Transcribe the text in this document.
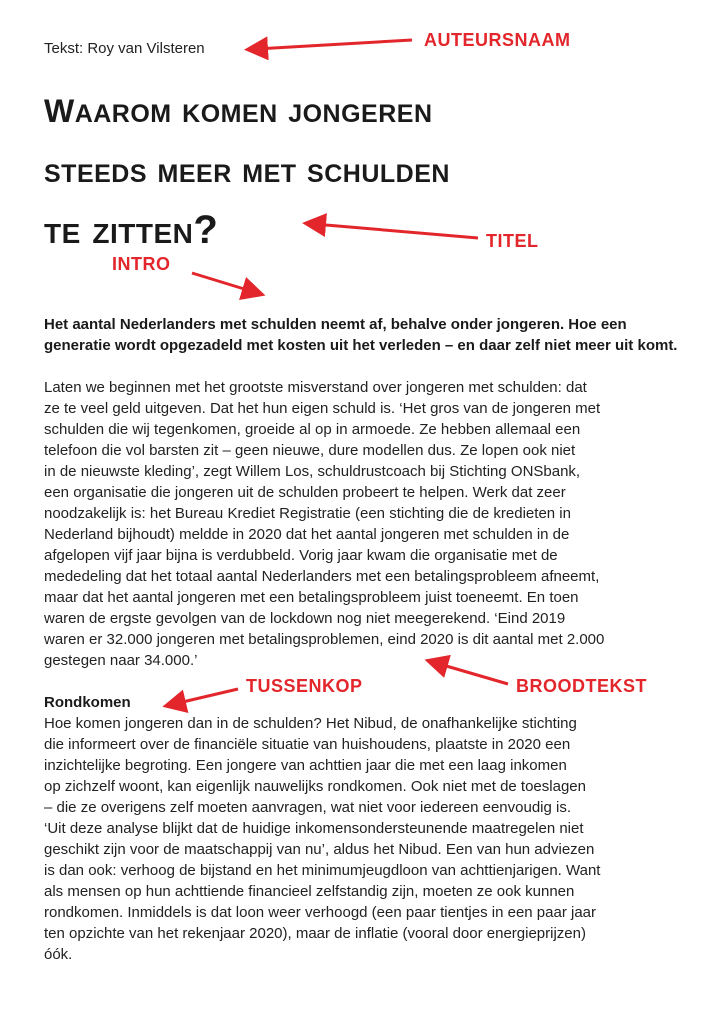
Tekst: Roy van Vilsteren
waarom komen jongeren
steeds meer met schulden
te zitten?

Het aantal Nederlanders met schulden neemt af, behalve onder jongeren. Hoe een generatie wordt opgezadeld met kosten uit het verleden – en daar zelf niet meer uit komt.

Laten we beginnen met het grootste misverstand over jongeren met schulden: dat
ze te veel geld uitgeven. Dat het hun eigen schuld is. ‘Het gros van de jongeren met
schulden die wij tegenkomen, groeide al op in armoede. Ze hebben allemaal een
telefoon die vol barsten zit – geen nieuwe, dure modellen dus. Ze lopen ook niet
in de nieuwste kleding’, zegt Willem Los, schuldrustcoach bij Stichting ONSbank,
een organisatie die jongeren uit de schulden probeert te helpen. Werk dat zeer
noodzakelijk is: het Bureau Krediet Registratie (een stichting die de kredieten in
Nederland bijhoudt) meldde in 2020 dat het aantal jongeren met schulden in de
afgelopen vijf jaar bijna is verdubbeld. Vorig jaar kwam die organisatie met de
mededeling dat het totaal aantal Nederlanders met een betalingsprobleem afneemt,
maar dat het aantal jongeren met een betalingsprobleem juist toeneemt. En toen
waren de ergste gevolgen van de lockdown nog niet meegerekend. ‘Eind 2019
waren er 32.000 jongeren met betalingsproblemen, eind 2020 is dit aantal met 2.000
gestegen naar 34.000.’

Rondkomen

Hoe komen jongeren dan in de schulden? Het Nibud, de onafhankelijke stichting
die informeert over de financiële situatie van huishoudens, plaatste in 2020 een
inzichtelijke begroting. Een jongere van achttien jaar die met een laag inkomen
op zichzelf woont, kan eigenlijk nauwelijks rondkomen. Ook niet met de toeslagen
– die ze overigens zelf moeten aanvragen, wat niet voor iedereen eenvoudig is.
‘Uit deze analyse blijkt dat de huidige inkomensondersteunende maatregelen niet
geschikt zijn voor de maatschappij van nu’, aldus het Nibud. Een van hun adviezen
is dan ook: verhoog de bijstand en het minimumjeugdloon van achttienjarigen. Want
als mensen op hun achttiende financieel zelfstandig zijn, moeten ze ook kunnen
rondkomen. Inmiddels is dat loon weer verhoogd (een paar tientjes in een paar jaar
ten opzichte van het rekenjaar 2020), maar de inflatie (vooral door energieprijzen)
óók.

AUTEURSNAAM
TITEL
INTRO
TUSSENKOP	BROODTEKST
